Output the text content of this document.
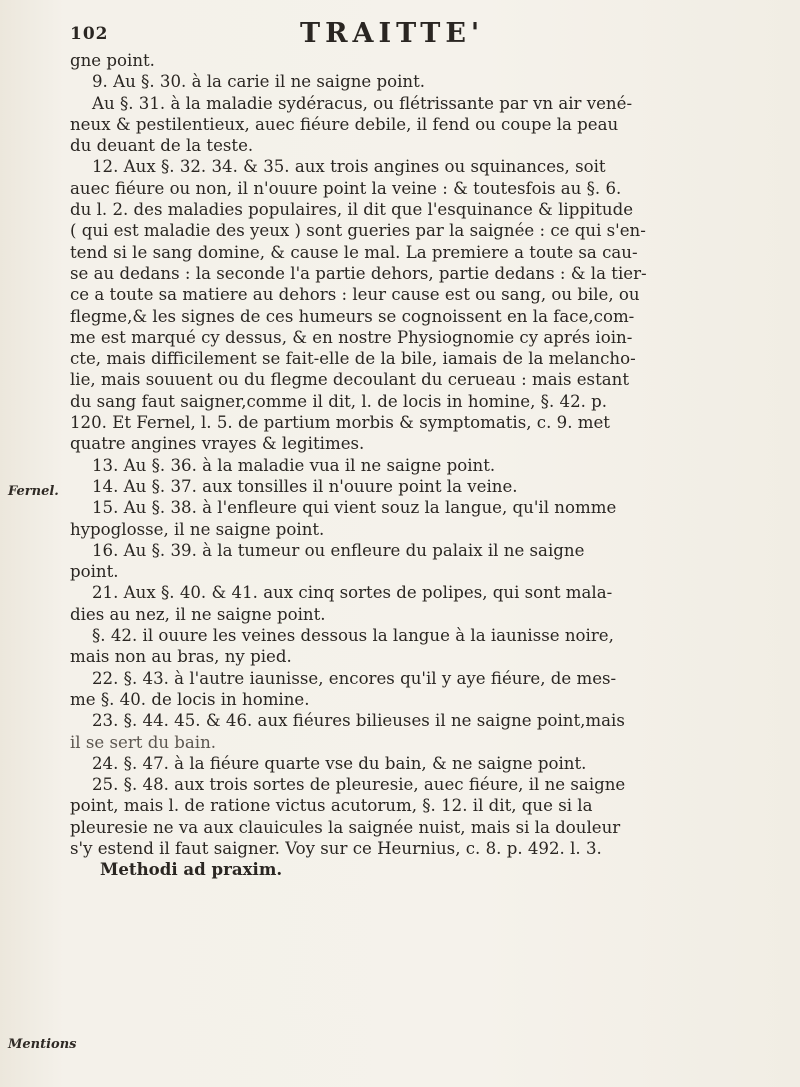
102	TRAITTE'
Fernel.
Mentions
gne point.
9. Au §. 30. à la carie il ne saigne point.
Au §. 31. à la maladie sydéracus, ou flétrissante par vn air vené-
neux & pestilentieux, auec fiéure debile, il fend ou coupe la peau
du deuant de la teste.
12. Aux §. 32. 34. & 35. aux trois angines ou squinances, soit
auec fiéure ou non, il n'ouure point la veine : & toutesfois au §. 6.
du l. 2. des maladies populaires, il dit que l'esquinance & lippitude
( qui est maladie des yeux ) sont gueries par la saignée : ce qui s'en-
tend si le sang domine, & cause le mal. La premiere a toute sa cau-
se au dedans : la seconde l'a partie dehors, partie dedans : & la tier-
ce a toute sa matiere au dehors : leur cause est ou sang, ou bile, ou
flegme,& les signes de ces humeurs se cognoissent en la face,com-
me est marqué cy dessus, & en nostre Physiognomie cy aprés ioin-
cte, mais difficilement se fait-elle de la bile, iamais de la melancho-
lie, mais souuent ou du flegme decoulant du cerueau : mais estant
du sang faut saigner,comme il dit, l. de locis in homine, §. 42. p.
120. Et Fernel, l. 5. de partium morbis & symptomatis, c. 9. met
quatre angines vrayes & legitimes.
13. Au §. 36. à la maladie vua il ne saigne point.
14. Au §. 37. aux tonsilles il n'ouure point la veine.
15. Au §. 38. à l'enfleure qui vient souz la langue, qu'il nomme
hypoglosse, il ne saigne point.
16. Au §. 39. à la tumeur ou enfleure du palaix il ne saigne
point.
21. Aux §. 40. & 41. aux cinq sortes de polipes, qui sont mala-
dies au nez, il ne saigne point.
§. 42. il ouure les veines dessous la langue à la iaunisse noire,
mais non au bras, ny pied.
22. §. 43. à l'autre iaunisse, encores qu'il y aye fiéure, de mes-
me §. 40. de locis in homine.
23. §. 44. 45. & 46. aux fiéures bilieuses il ne saigne point,mais
il se sert du bain.
24. §. 47. à la fiéure quarte vse du bain, & ne saigne point.
25. §. 48. aux trois sortes de pleuresie, auec fiéure, il ne saigne
point, mais l. de ratione victus acutorum, §. 12. il dit, que si la
pleuresie ne va aux clauicules la saignée nuist, mais si la douleur
s'y estend il faut saigner. Voy sur ce Heurnius, c. 8. p. 492. l. 3.
Methodi ad praxim.
